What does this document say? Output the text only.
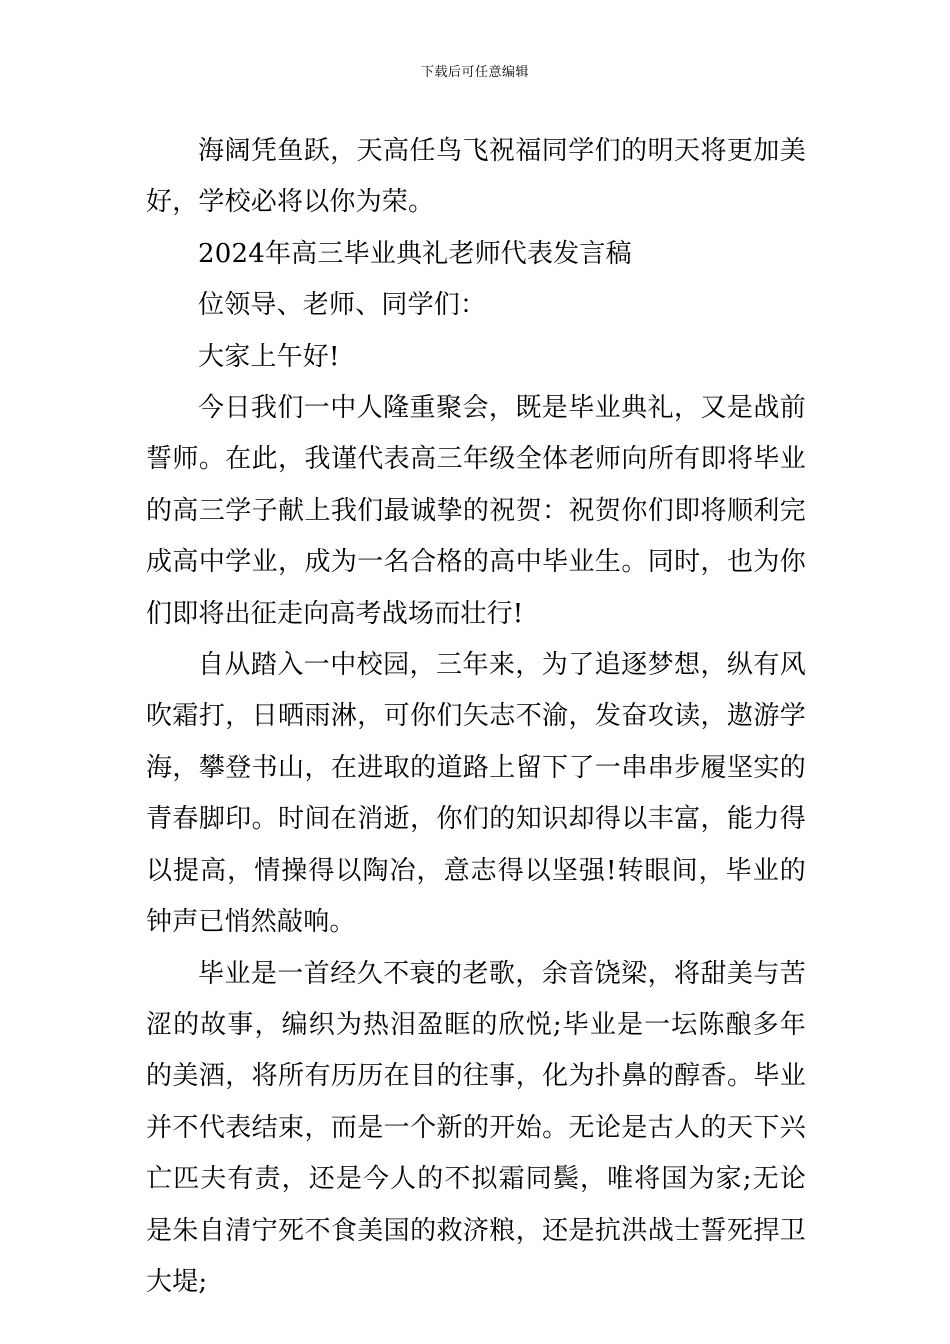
下载后可任意编辑

海阔凭鱼跃，天高任鸟飞祝福同学们的明天将更加美好，学校必将以你为荣。

2024年高三毕业典礼老师代表发言稿

位领导、老师、同学们：

大家上午好!

今日我们一中人隆重聚会，既是毕业典礼，又是战前誓师。在此，我谨代表高三年级全体老师向所有即将毕业的高三学子献上我们最诚挚的祝贺：祝贺你们即将顺利完成高中学业，成为一名合格的高中毕业生。同时，也为你们即将出征走向高考战场而壮行!

自从踏入一中校园，三年来，为了追逐梦想，纵有风吹霜打，日晒雨淋，可你们矢志不渝，发奋攻读，遨游学海，攀登书山，在进取的道路上留下了一串串步履坚实的青春脚印。时间在消逝，你们的知识却得以丰富，能力得以提高，情操得以陶冶，意志得以坚强!转眼间，毕业的钟声已悄然敲响。

毕业是一首经久不衰的老歌，余音饶梁，将甜美与苦涩的故事，编织为热泪盈眶的欣悦;毕业是一坛陈酿多年的美酒，将所有历历在目的往事，化为扑鼻的醇香。毕业并不代表结束，而是一个新的开始。无论是古人的天下兴亡匹夫有责，还是今人的不拟霜同鬓，唯将国为家;无论是朱自清宁死不食美国的救济粮，还是抗洪战士誓死捍卫大堤;
